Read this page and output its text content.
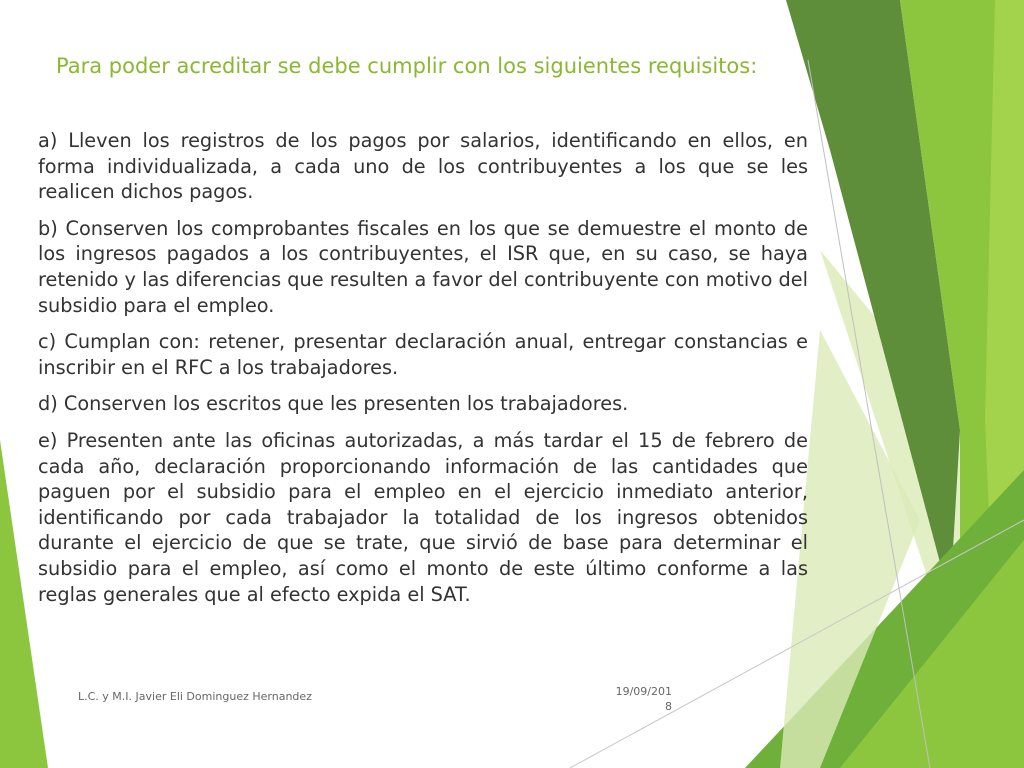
Para poder acreditar se debe cumplir con los siguientes requisitos:

a) Lleven los registros de los pagos por salarios, identificando en ellos, en forma individualizada, a cada uno de los contribuyentes a los que se les realicen dichos pagos.

b) Conserven los comprobantes fiscales en los que se demuestre el monto de los ingresos pagados a los contribuyentes, el ISR que, en su caso, se haya retenido y las diferencias que resulten a favor del contribuyente con motivo del subsidio para el empleo.

c) Cumplan con: retener, presentar declaración anual, entregar constancias e inscribir en el RFC a los trabajadores.

d) Conserven los escritos que les presenten los trabajadores.

e) Presenten ante las oficinas autorizadas, a más tardar el 15 de febrero de cada año, declaración proporcionando información de las cantidades que paguen por el subsidio para el empleo en el ejercicio inmediato anterior, identificando por cada trabajador la totalidad de los ingresos obtenidos durante el ejercicio de que se trate, que sirvió de base para determinar el subsidio para el empleo, así como el monto de este último conforme a las reglas generales que al efecto expida el SAT.

L.C. y M.I. Javier Eli Dominguez Hernandez	19/09/2018
